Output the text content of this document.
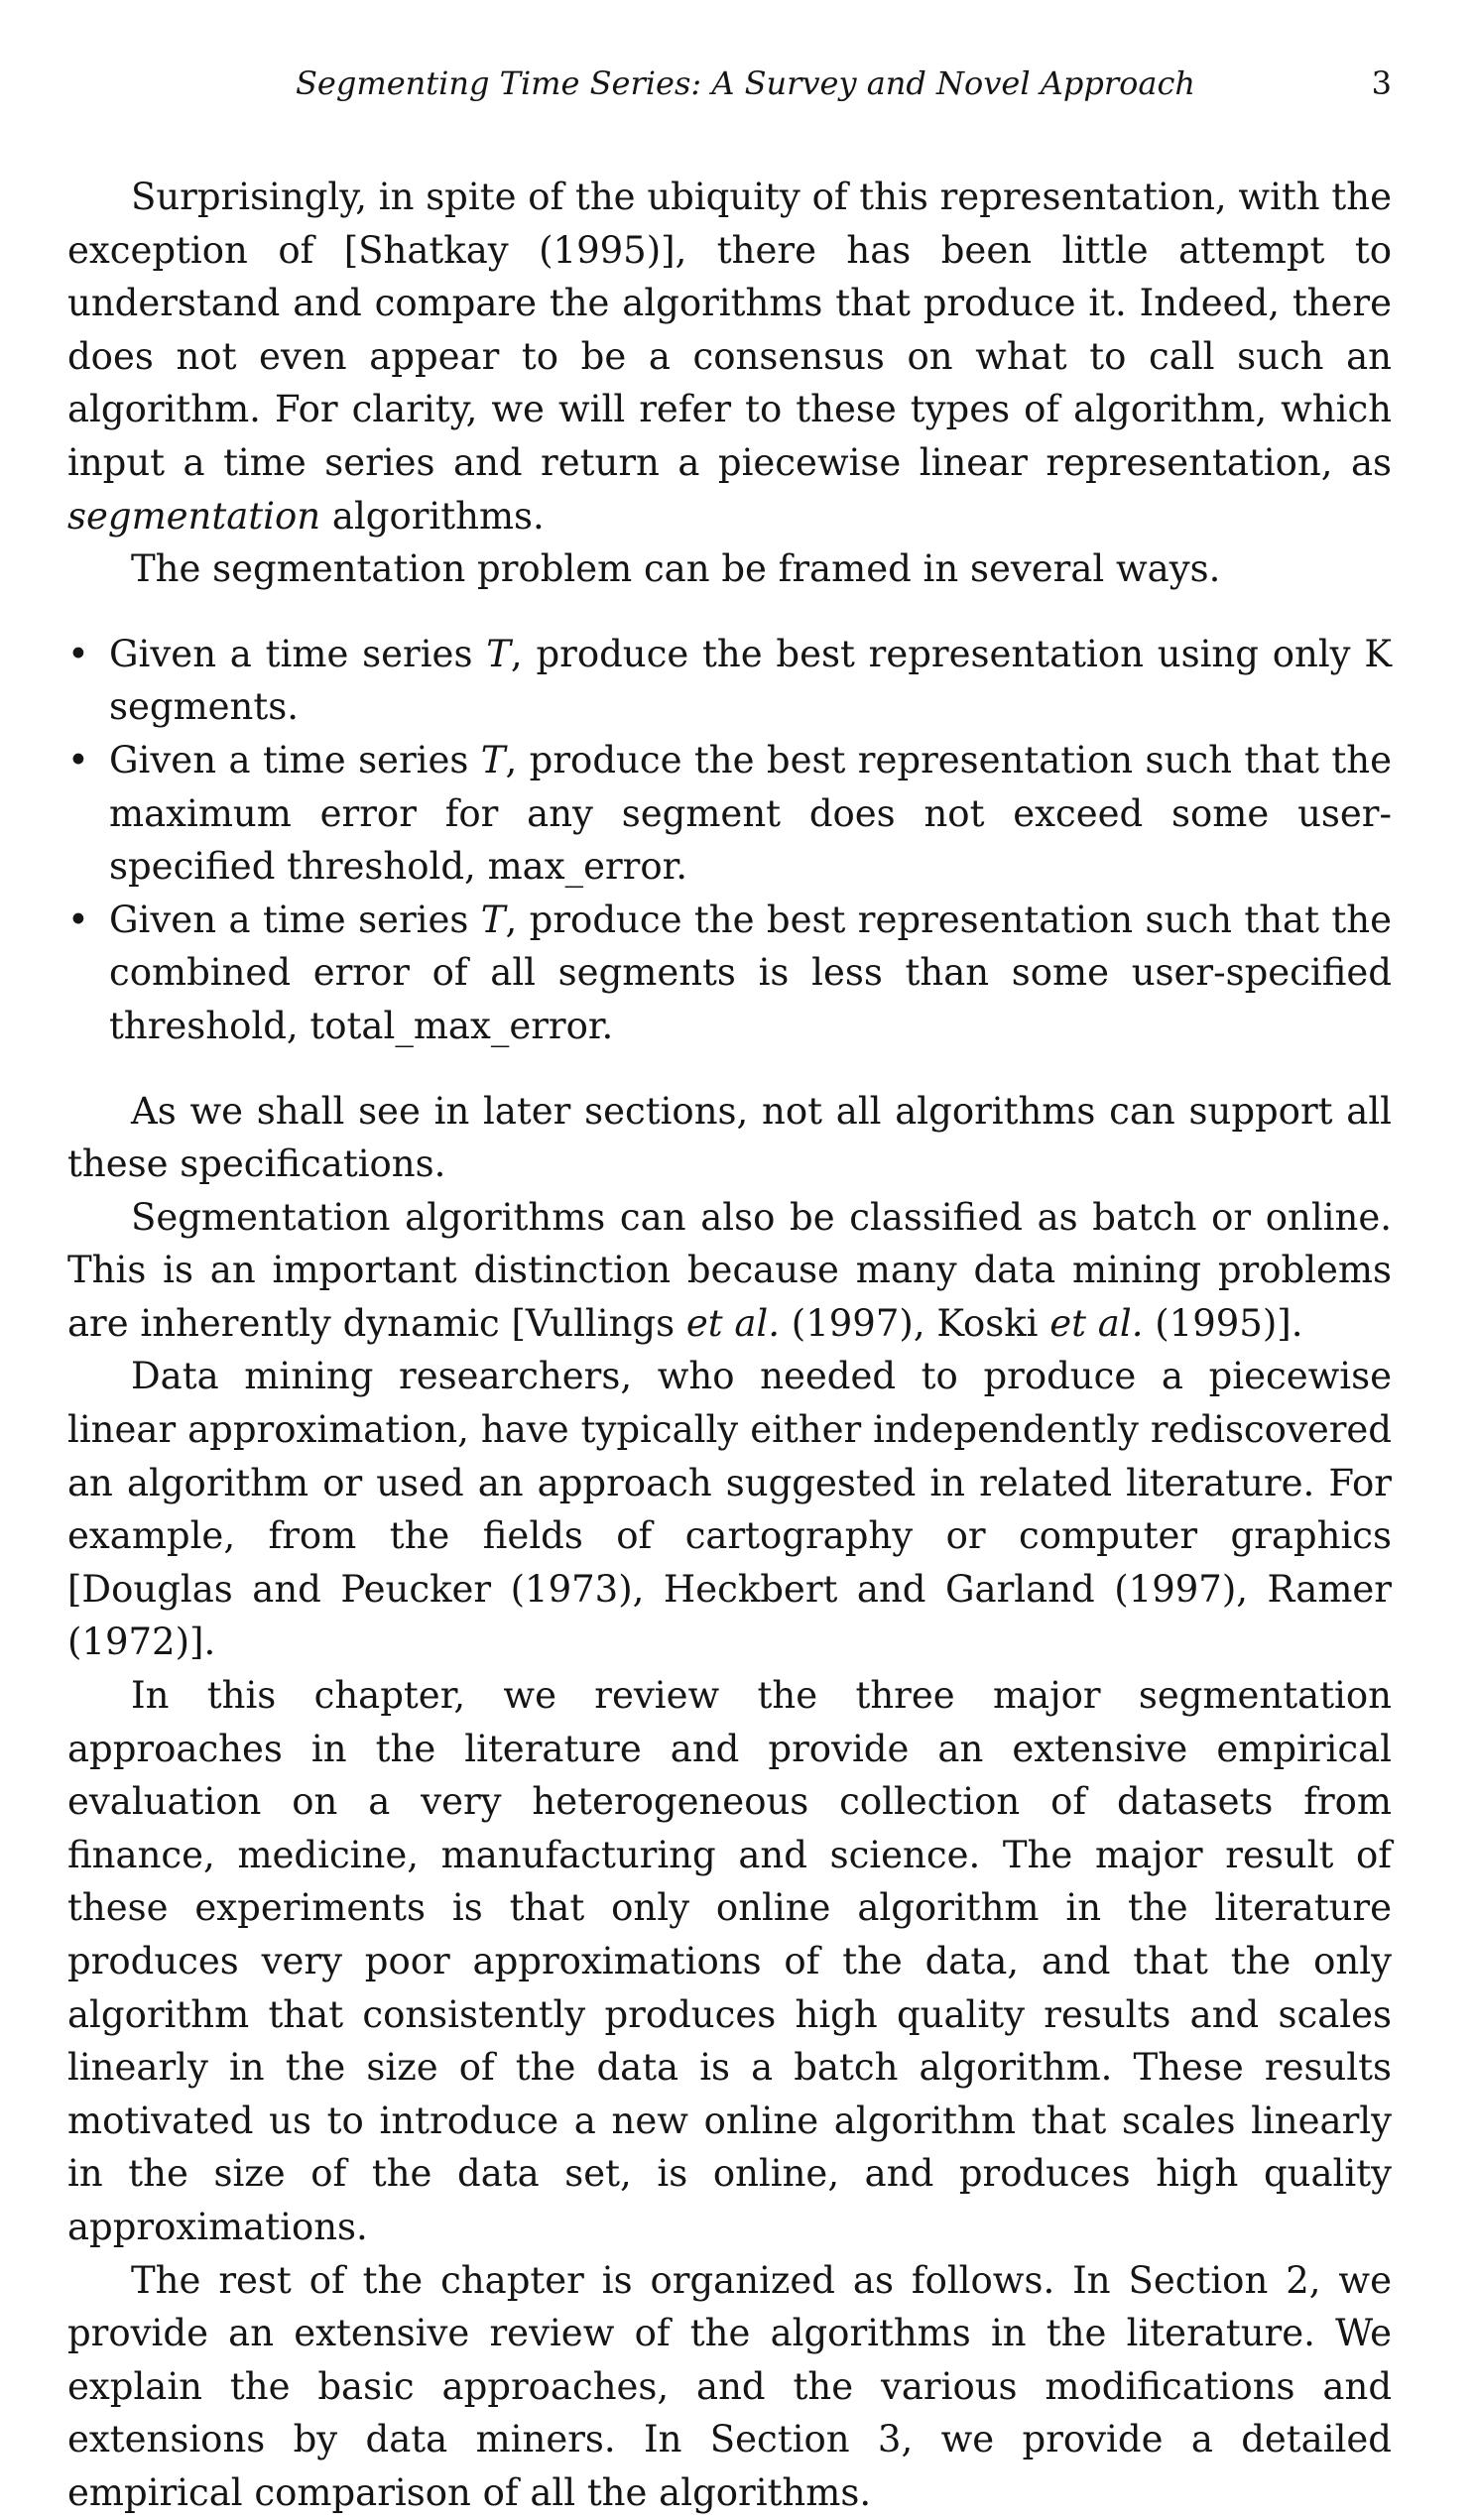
Segmenting Time Series: A Survey and Novel Approach	3

Surprisingly, in spite of the ubiquity of this representation, with the exception of [Shatkay (1995)], there has been little attempt to understand and compare the algorithms that produce it. Indeed, there does not even appear to be a consensus on what to call such an algorithm. For clarity, we will refer to these types of algorithm, which input a time series and return a piecewise linear representation, as segmentation algorithms.

The segmentation problem can be framed in several ways.

• Given a time series T, produce the best representation using only K segments.
• Given a time series T, produce the best representation such that the maximum error for any segment does not exceed some user-specified threshold, max_error.
• Given a time series T, produce the best representation such that the combined error of all segments is less than some user-specified threshold, total_max_error.

As we shall see in later sections, not all algorithms can support all these specifications.

Segmentation algorithms can also be classified as batch or online. This is an important distinction because many data mining problems are inherently dynamic [Vullings et al. (1997), Koski et al. (1995)].

Data mining researchers, who needed to produce a piecewise linear approximation, have typically either independently rediscovered an algorithm or used an approach suggested in related literature. For example, from the fields of cartography or computer graphics [Douglas and Peucker (1973), Heckbert and Garland (1997), Ramer (1972)].

In this chapter, we review the three major segmentation approaches in the literature and provide an extensive empirical evaluation on a very heterogeneous collection of datasets from finance, medicine, manufacturing and science. The major result of these experiments is that only online algorithm in the literature produces very poor approximations of the data, and that the only algorithm that consistently produces high quality results and scales linearly in the size of the data is a batch algorithm. These results motivated us to introduce a new online algorithm that scales linearly in the size of the data set, is online, and produces high quality approximations.

The rest of the chapter is organized as follows. In Section 2, we provide an extensive review of the algorithms in the literature. We explain the basic approaches, and the various modifications and extensions by data miners. In Section 3, we provide a detailed empirical comparison of all the algorithms.
